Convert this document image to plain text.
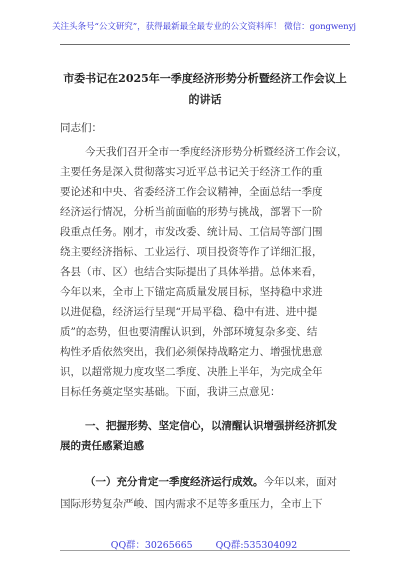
关注头条号“公文研究”，获得最新最全最专业的公文资料库！ 微信：gongwenyj
市委书记在2025年一季度经济形势分析暨经济工作会议上
的讲话
同志们：
今天我们召开全市一季度经济形势分析暨经济工作会议，
主要任务是深入贯彻落实习近平总书记关于经济工作的重
要论述和中央、省委经济工作会议精神，全面总结一季度
经济运行情况，分析当前面临的形势与挑战，部署下一阶
段重点任务。刚才，市发改委、统计局、工信局等部门围
绕主要经济指标、工业运行、项目投资等作了详细汇报，
各县（市、区）也结合实际提出了具体举措。总体来看，
今年以来，全市上下锚定高质量发展目标，坚持稳中求进
以进促稳，经济运行呈现“开局平稳、稳中有进、进中提
质”的态势，但也要清醒认识到，外部环境复杂多变、结
构性矛盾依然突出，我们必须保持战略定力、增强忧患意
识，以超常规力度攻坚二季度、决胜上半年，为完成全年
目标任务奠定坚实基础。下面，我讲三点意见：
一、把握形势、坚定信心，以清醒认识增强拼经济抓发
展的责任感紧迫感
（一）充分肯定一季度经济运行成效。今年以来，面对
国际形势复杂严峻、国内需求不足等多重压力，全市上下
QQ群：30265665 QQ群:535304092
